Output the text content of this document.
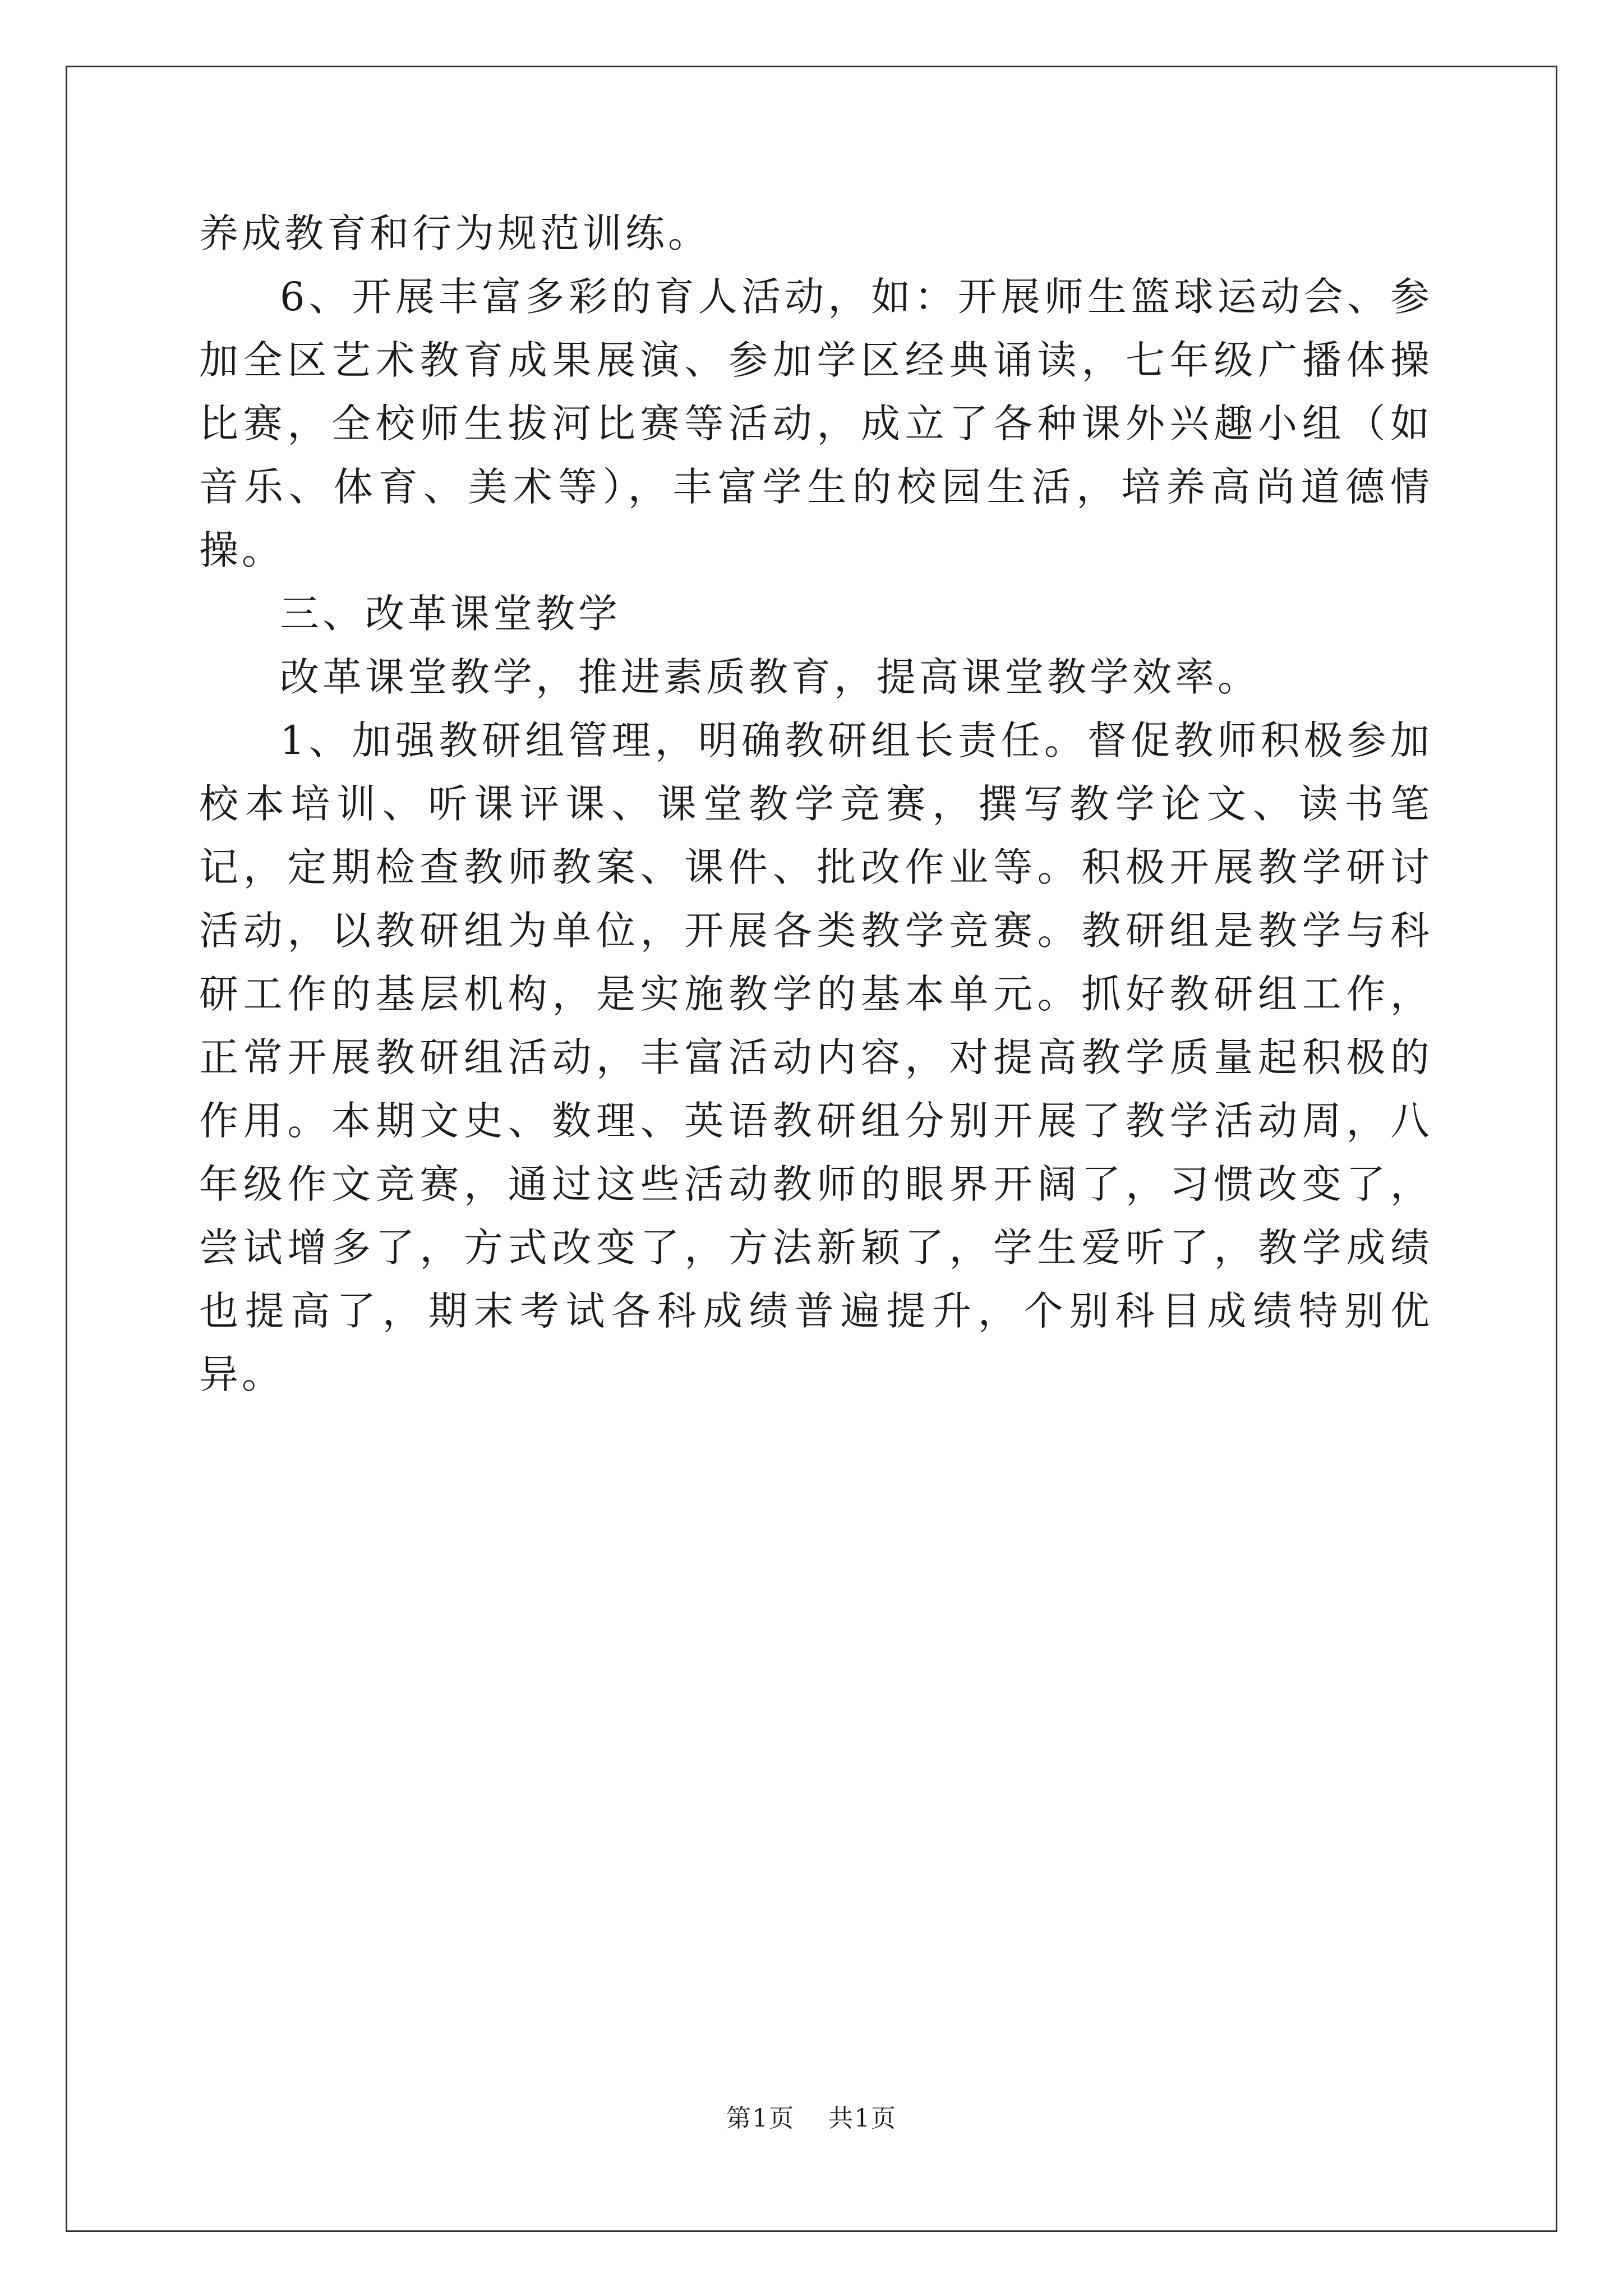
养成教育和行为规范训练。

6、开展丰富多彩的育人活动，如：开展师生篮球运动会、参加全区艺术教育成果展演、参加学区经典诵读，七年级广播体操比赛，全校师生拔河比赛等活动，成立了各种课外兴趣小组（如音乐、体育、美术等），丰富学生的校园生活，培养高尚道德情操。

三、改革课堂教学

改革课堂教学，推进素质教育，提高课堂教学效率。

1、加强教研组管理，明确教研组长责任。督促教师积极参加校本培训、听课评课、课堂教学竞赛，撰写教学论文、读书笔记，定期检查教师教案、课件、批改作业等。积极开展教学研讨活动，以教研组为单位，开展各类教学竞赛。教研组是教学与科研工作的基层机构，是实施教学的基本单元。抓好教研组工作，正常开展教研组活动，丰富活动内容，对提高教学质量起积极的作用。本期文史、数理、英语教研组分别开展了教学活动周，八年级作文竞赛，通过这些活动教师的眼界开阔了，习惯改变了，尝试增多了，方式改变了，方法新颖了，学生爱听了，教学成绩也提高了，期末考试各科成绩普遍提升，个别科目成绩特别优异。

第1页 共1页
